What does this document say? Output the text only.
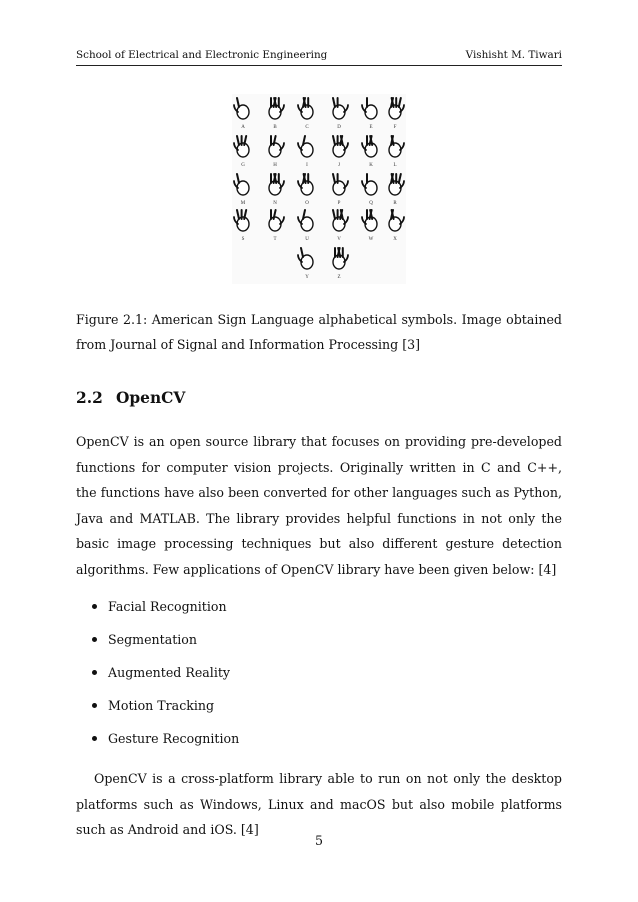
School of Electrical and Electronic Engineering	Vishisht M. Tiwari
A	B	C	D	E	F
G	H	I	J	K	L
M	N	O	P	Q	R
S	T	U	V	W	X
Y	Z
Figure 2.1: American Sign Language alphabetical symbols. Image obtained from Journal of Signal and Information Processing [3]
2.2 OpenCV

OpenCV is an open source library that focuses on providing pre-developed functions for computer vision projects. Originally written in C and C++, the functions have also been converted for other languages such as Python, Java and MATLAB. The library provides helpful functions in not only the basic image processing techniques but also different gesture detection algorithms. Few applications of OpenCV library have been given below: [4]

Facial Recognition
Segmentation
Augmented Reality
Motion Tracking
Gesture Recognition

OpenCV is a cross-platform library able to run on not only the desktop platforms such as Windows, Linux and macOS but also mobile platforms such as Android and iOS. [4]

5
